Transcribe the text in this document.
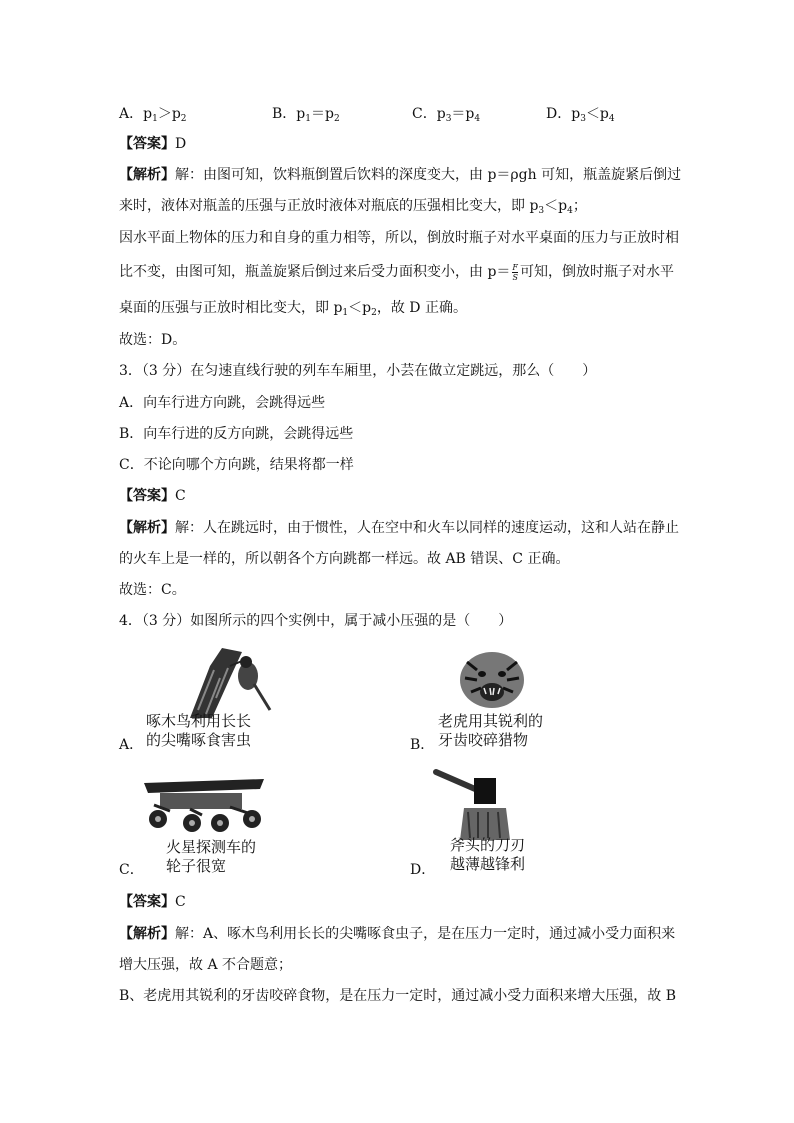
A．$p_1>p_2$	B．$p_1=p_2$	C．$p_3=p_4$	D．$p_3<p_4$
【答案】D
【解析】解：由图可知，饮料瓶倒置后饮料的深度变大，由 p＝ρgh 可知，瓶盖旋紧后倒过
来时，液体对瓶盖的压强与正放时液体对瓶底的压强相比变大，即 $p_3<p_4$；
因水平面上物体的压力和自身的重力相等，所以，倒放时瓶子对水平桌面的压力与正放时相
比不变，由图可知，瓶盖旋紧后倒过来后受力面积变小，由 $p= \frac{F}{S}$ 可知，倒放时瓶子对水平
桌面的压强与正放时相比变大，即 $p_1<p_2$，故 D 正确。
故选：D。
3．（3 分）在匀速直线行驶的列车车厢里，小芸在做立定跳远，那么（　　）
A．向车行进方向跳，会跳得远些
B．向车行进的反方向跳，会跳得远些
C．不论向哪个方向跳，结果将都一样
【答案】C
【解析】解：人在跳远时，由于惯性，人在空中和火车以同样的速度运动，这和人站在静止
的火车上是一样的，所以朝各个方向跳都一样远。故 AB 错误、C 正确。
故选：C。
4．（3 分）如图所示的四个实例中，属于减小压强的是（　　）
A．
啄木鸟利用长长
的尖嘴啄食害虫	B．
老虎用其锐利的
牙齿咬碎猎物
C．
火星探测车的
轮子很宽	D．
斧头的刀刃
越薄越锋利
【答案】C
【解析】解：A、啄木鸟利用长长的尖嘴啄食虫子，是在压力一定时，通过减小受力面积来
增大压强，故 A 不合题意；
B、老虎用其锐利的牙齿咬碎食物，是在压力一定时，通过减小受力面积来增大压强，故 B
